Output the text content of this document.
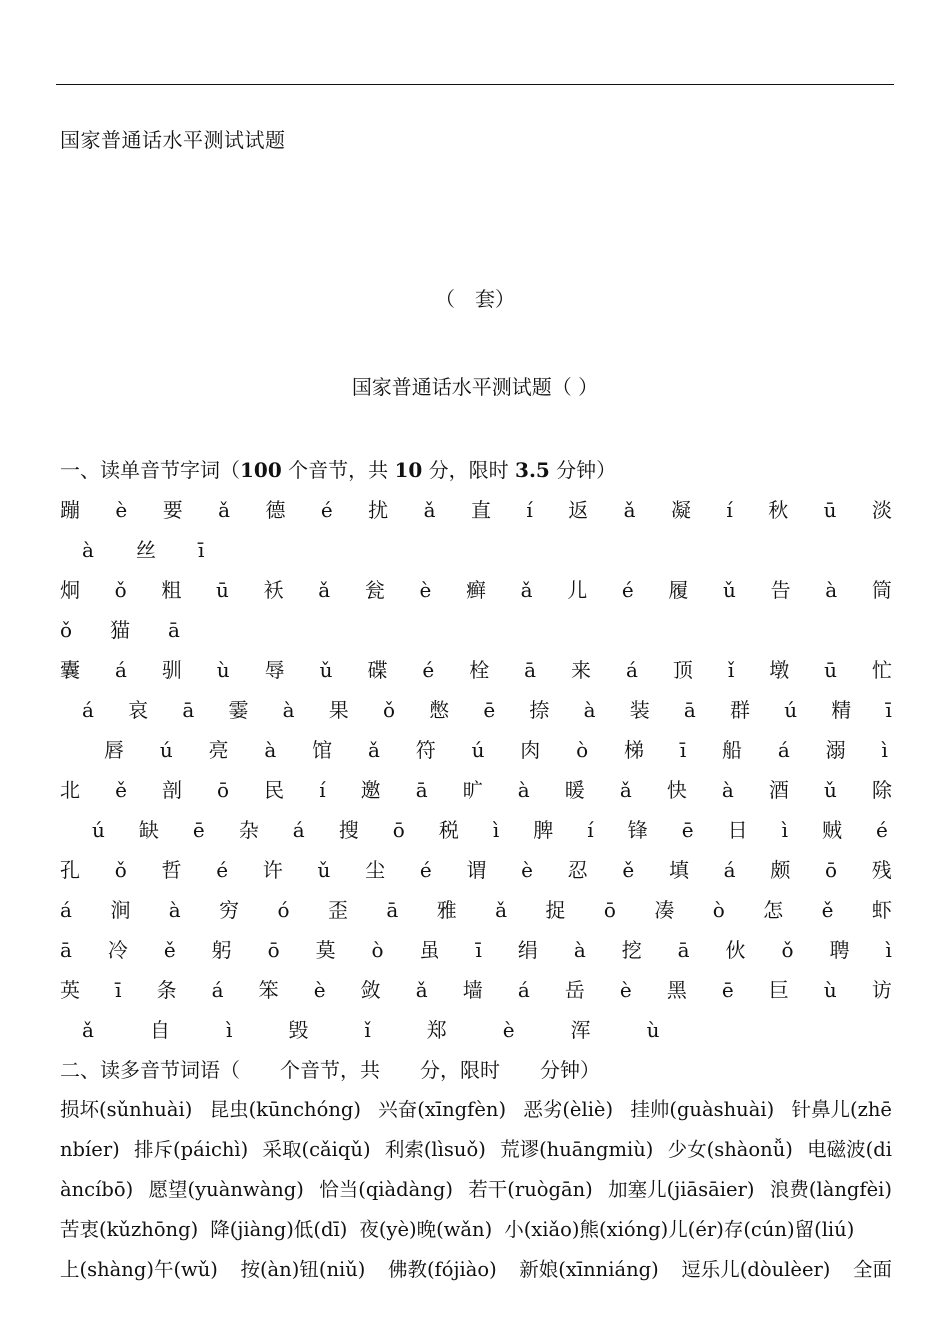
国家普通话水平测试试题
（　套）
国家普通话水平测试题（ ）
一、读单音节字词（100 个音节，共 10 分，限时 3.5 分钟）
蹦 è 要 ǎ 德 é 扰 ǎ 直 í 返 ǎ 凝 í 秋 ū 淡
à 丝 ī
炯 ǒ 粗 ū 袄 ǎ 瓮 è 癣 ǎ 儿 é 履 ǔ 告 à 筒
ǒ 猫 ā
囊 á 驯 ù 辱 ǔ 碟 é 栓 ā 来 á 顶 ǐ 墩 ū 忙
á 哀 ā 霎 à 果 ǒ 憋 ē 捺 à 装 ā 群 ú 精 ī
唇 ú 亮 à 馆 ǎ 符 ú 肉 ò 梯 ī 船 á 溺 ì
北 ě 剖 ō 民 í 邀 ā 旷 à 暖 ǎ 快 à 酒 ǔ 除
ú 缺 ē 杂 á 搜 ō 税 ì 脾 í 锋 ē 日 ì 贼 é
孔 ǒ 哲 é 许 ǔ 尘 é 谓 è 忍 ě 填 á 颇 ō 残
á 涧 à 穷 ó 歪 ā 雅 ǎ 捉 ō 凑 ò 怎 ě 虾
ā 冷 ě 躬 ō 莫 ò 虽 ī 绢 à 挖 ā 伙 ǒ 聘 ì
英 ī 条 á 笨 è 敛 ǎ 墙 á 岳 è 黑 ē 巨 ù 访
ǎ	自	ì	毁	ǐ	郑	è	浑	ù
二、读多音节词语（　　个音节，共　　分，限时　　分钟）
损坏(sǔnhuài) 昆虫(kūnchóng) 兴奋(xīngfèn) 恶劣(èliè) 挂帅(guàshuài) 针鼻儿(zhē
nbíer) 排斥(páichì) 采取(cǎiqǔ) 利索(lìsuǒ) 荒谬(huāngmiù) 少女(shàonǚ) 电磁波(di
àncíbō) 愿望(yuànwàng) 恰当(qiàdàng) 若干(ruògān) 加塞儿(jiāsāier) 浪费(làngfèi)
苦衷(kǔzhōng) 降(jiàng)低(dī) 夜(yè)晚(wǎn) 小(xiǎo)熊(xióng)儿(ér)存(cún)留(liú)
上(shàng)午(wǔ) 按(àn)钮(niǔ) 佛教(fójiào) 新娘(xīnniáng) 逗乐儿(dòulèer) 全面
